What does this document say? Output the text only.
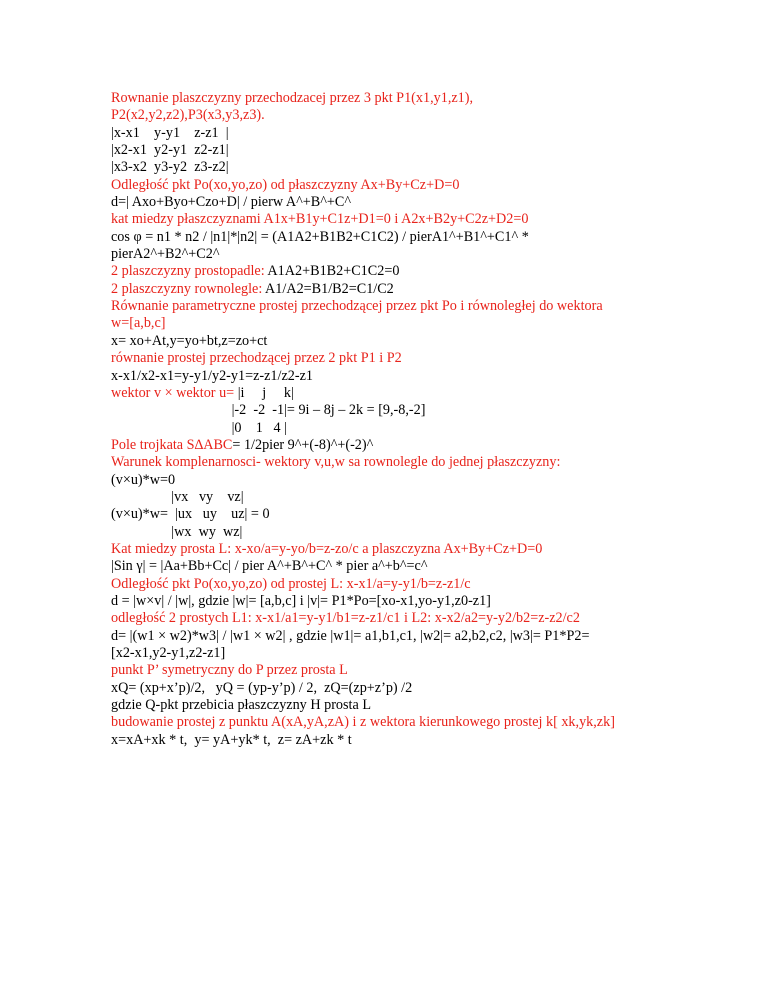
Rownanie plaszczyzny przechodzacej przez 3 pkt P1(x1,y1,z1),
P2(x2,y2,z2),P3(x3,y3,z3).
|x-x1    y-y1    z-z1  |
|x2-x1  y2-y1  z2-z1|
|x3-x2  y3-y2  z3-z2|
Odległość pkt Po(xo,yo,zo) od płaszczyzny Ax+By+Cz+D=0
d=| Axo+Byo+Czo+D| / pierw A^+B^+C^
kat miedzy płaszczyznami A1x+B1y+C1z+D1=0 i A2x+B2y+C2z+D2=0
cos φ = n1 * n2 / |n1|*|n2| = (A1A2+B1B2+C1C2) / pierA1^+B1^+C1^ *
pierA2^+B2^+C2^
2 plaszczyzny prostopadle: A1A2+B1B2+C1C2=0
2 plaszczyzny rownolegle: A1/A2=B1/B2=C1/C2
Równanie parametryczne prostej przechodzącej przez pkt Po i równoległej do wektora
w=[a,b,c]
x= xo+At,y=yo+bt,z=zo+ct
równanie prostej przechodzącej przez 2 pkt P1 i P2
x-x1/x2-x1=y-y1/y2-y1=z-z1/z2-z1
wektor v × wektor u= |i     j     k|
|-2  -2  -1|= 9i – 8j – 2k = [9,-8,-2]
|0    1   4 |
Pole trojkata S∆ABC= 1/2pier 9^+(-8)^+(-2)^
Warunek komplenarnosci- wektory v,u,w sa rownolegle do jednej płaszczyzny:
(v×u)*w=0
|vx   vy    vz|
(v×u)*w=  |ux   uy    uz| = 0
|wx  wy  wz|
Kat miedzy prosta L: x-xo/a=y-yo/b=z-zo/c a plaszczyzna Ax+By+Cz+D=0
|Sin γ| = |Aa+Bb+Cc| / pier A^+B^+C^ * pier a^+b^=c^
Odległość pkt Po(xo,yo,zo) od prostej L: x-x1/a=y-y1/b=z-z1/c
d = |w×v| / |w|, gdzie |w|= [a,b,c] i |v|= P1*Po=[xo-x1,yo-y1,z0-z1]
odległość 2 prostych L1: x-x1/a1=y-y1/b1=z-z1/c1 i L2: x-x2/a2=y-y2/b2=z-z2/c2
d= |(w1 × w2)*w3| / |w1 × w2| , gdzie |w1|= a1,b1,c1, |w2|= a2,b2,c2, |w3|= P1*P2=
[x2-x1,y2-y1,z2-z1]
punkt P’ symetryczny do P przez prosta L
xQ= (xp+x’p)/2,   yQ = (yp-y’p) / 2,  zQ=(zp+z’p) /2
gdzie Q-pkt przebicia płaszczyzny H prosta L
budowanie prostej z punktu A(xA,yA,zA) i z wektora kierunkowego prostej k[ xk,yk,zk]
x=xA+xk * t,  y= yA+yk* t,  z= zA+zk * t
